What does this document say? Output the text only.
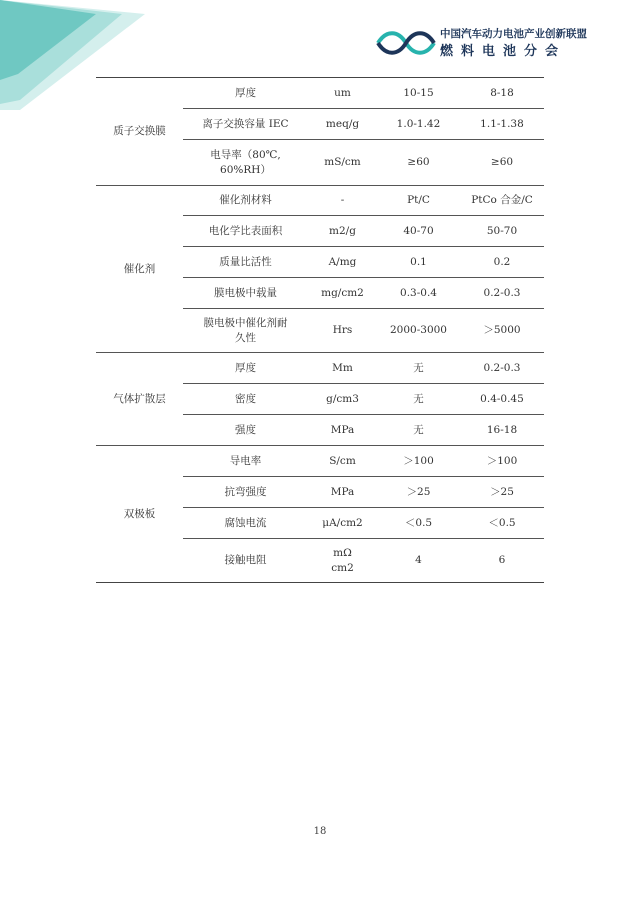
中国汽车动力电池产业创新联盟
燃料电池分会
质子交换膜	厚度	um	10-15	8-18
	离子交换容量 IEC	meq/g	1.0-1.42	1.1-1.38
	电导率（80℃,
60%RH）	mS/cm	≥60	≥60
催化剂	催化剂材料	-	Pt/C	PtCo 合金/C
	电化学比表面积	m2/g	40-70	50-70
	质量比活性	A/mg	0.1	0.2
	膜电极中载量	mg/cm2	0.3-0.4	0.2-0.3
	膜电极中催化剂耐
久性	Hrs	2000-3000	＞5000
气体扩散层	厚度	Mm	无	0.2-0.3
	密度	g/cm3	无	0.4-0.45
	强度	MPa	无	16-18
双极板	导电率	S/cm	＞100	＞100
	抗弯强度	MPa	＞25	＞25
	腐蚀电流	μA/cm2	＜0.5	＜0.5
	接触电阻	mΩ
cm2	4	6
18
